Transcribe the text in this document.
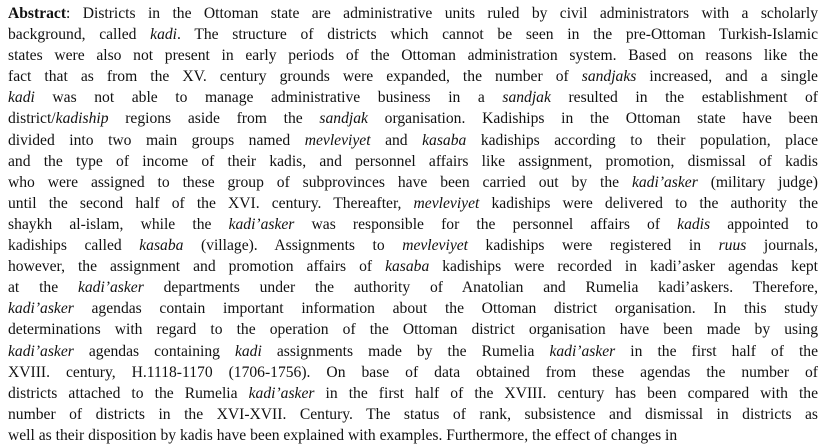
Abstract: Districts in the Ottoman state are administrative units ruled by civil administrators with a scholarly
background, called kadi. The structure of districts which cannot be seen in the pre-Ottoman Turkish-Islamic
states were also not present in early periods of the Ottoman administration system. Based on reasons like the
fact that as from the XV. century grounds were expanded, the number of sandjaks increased, and a single
kadi was not able to manage administrative business in a sandjak resulted in the establishment of
district/kadiship regions aside from the sandjak organisation. Kadiships in the Ottoman state have been
divided into two main groups named mevleviyet and kasaba kadiships according to their population, place
and the type of income of their kadis, and personnel affairs like assignment, promotion, dismissal of kadis
who were assigned to these group of subprovinces have been carried out by the kadi’asker (military judge)
until the second half of the XVI. century. Thereafter, mevleviyet kadiships were delivered to the authority the
shaykh al-islam, while the kadi’asker was responsible for the personnel affairs of kadis appointed to
kadiships called kasaba (village). Assignments to mevleviyet kadiships were registered in ruus journals,
however, the assignment and promotion affairs of kasaba kadiships were recorded in kadi’asker agendas kept
at the kadi’asker departments under the authority of Anatolian and Rumelia kadi’askers. Therefore,
kadi’asker agendas contain important information about the Ottoman district organisation. In this study
determinations with regard to the operation of the Ottoman district organisation have been made by using
kadi’asker agendas containing kadi assignments made by the Rumelia kadi’asker in the first half of the
XVIII. century, H.1118-1170 (1706-1756). On base of data obtained from these agendas the number of
districts attached to the Rumelia kadi’asker in the first half of the XVIII. century has been compared with the
number of districts in the XVI-XVII. Century. The status of rank, subsistence and dismissal in districts as
well as their disposition by kadis have been explained with examples. Furthermore, the effect of changes in
